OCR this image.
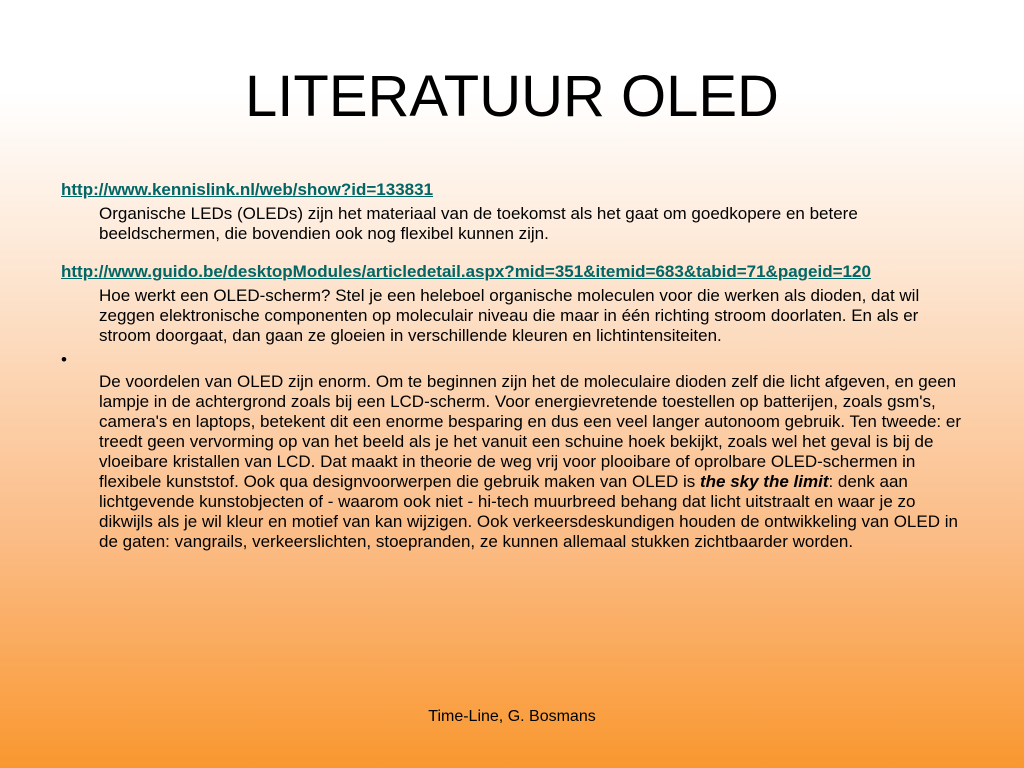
LITERATUUR OLED
http://www.kennislink.nl/web/show?id=133831
Organische LEDs (OLEDs) zijn het materiaal van de toekomst als het gaat om goedkopere en betere beeldschermen, die bovendien ook nog flexibel kunnen zijn.
http://www.guido.be/desktopModules/articledetail.aspx?mid=351&itemid=683&tabid=71&pageid=120
Hoe werkt een OLED-scherm? Stel je een heleboel organische moleculen voor die werken als dioden, dat wil zeggen elektronische componenten op moleculair niveau die maar in één richting stroom doorlaten. En als er stroom doorgaat, dan gaan ze gloeien in verschillende kleuren en lichtintensiteiten.
•
De voordelen van OLED zijn enorm. Om te beginnen zijn het de moleculaire dioden zelf die licht afgeven, en geen lampje in de achtergrond zoals bij een LCD-scherm. Voor energievretende toestellen op batterijen, zoals gsm's, camera's en laptops, betekent dit een enorme besparing en dus een veel langer autonoom gebruik. Ten tweede: er treedt geen vervorming op van het beeld als je het vanuit een schuine hoek bekijkt, zoals wel het geval is bij de vloeibare kristallen van LCD. Dat maakt in theorie de weg vrij voor plooibare of oprolbare OLED-schermen in flexibele kunststof. Ook qua designvoorwerpen die gebruik maken van OLED is the sky the limit: denk aan lichtgevende kunstobjecten of - waarom ook niet - hi-tech muurbreed behang dat licht uitstraalt en waar je zo dikwijls als je wil kleur en motief van kan wijzigen. Ook verkeersdeskundigen houden de ontwikkeling van OLED in de gaten: vangrails, verkeerslichten, stoepranden, ze kunnen allemaal stukken zichtbaarder worden.
Time-Line, G. Bosmans
